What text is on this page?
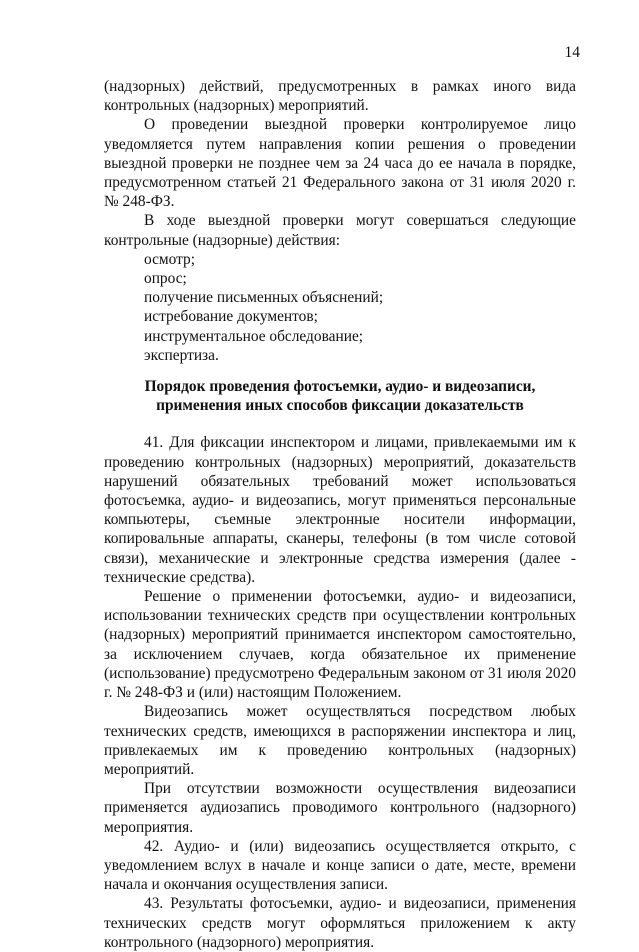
14

(надзорных) действий, предусмотренных в рамках иного вида контрольных (надзорных) мероприятий.

О проведении выездной проверки контролируемое лицо уведомляется путем направления копии решения о проведении выездной проверки не позднее чем за 24 часа до ее начала в порядке, предусмотренном статьей 21 Федерального закона от 31 июля 2020 г. № 248-ФЗ.

В ходе выездной проверки могут совершаться следующие контрольные (надзорные) действия:

осмотр;
опрос;
получение письменных объяснений;
истребование документов;
инструментальное обследование;
экспертиза.

Порядок проведения фотосъемки, аудио- и видеозаписи, применения иных способов фиксации доказательств

41. Для фиксации инспектором и лицами, привлекаемыми им к проведению контрольных (надзорных) мероприятий, доказательств нарушений обязательных требований может использоваться фотосъемка, аудио- и видеозапись, могут применяться персональные компьютеры, съемные электронные носители информации, копировальные аппараты, сканеры, телефоны (в том числе сотовой связи), механические и электронные средства измерения (далее - технические средства).

Решение о применении фотосъемки, аудио- и видеозаписи, использовании технических средств при осуществлении контрольных (надзорных) мероприятий принимается инспектором самостоятельно, за исключением случаев, когда обязательное их применение (использование) предусмотрено Федеральным законом от 31 июля 2020 г. № 248-ФЗ и (или) настоящим Положением.

Видеозапись может осуществляться посредством любых технических средств, имеющихся в распоряжении инспектора и лиц, привлекаемых им к проведению контрольных (надзорных) мероприятий.

При отсутствии возможности осуществления видеозаписи применяется аудиозапись проводимого контрольного (надзорного) мероприятия.

42. Аудио- и (или) видеозапись осуществляется открыто, с уведомлением вслух в начале и конце записи о дате, месте, времени начала и окончания осуществления записи.

43. Результаты фотосъемки, аудио- и видеозаписи, применения технических средств могут оформляться приложением к акту контрольного (надзорного) мероприятия.
